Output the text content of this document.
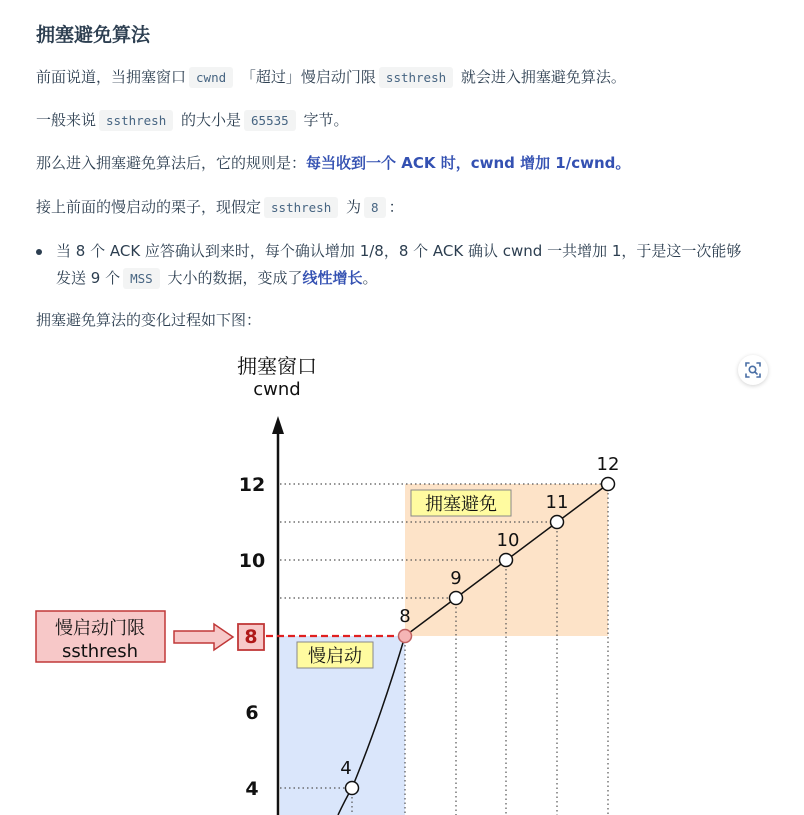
拥塞避免算法

前面说道，当拥塞窗口 cwnd 「超过」慢启动门限 ssthresh 就会进入拥塞避免算法。

一般来说 ssthresh 的大小是 65535 字节。

那么进入拥塞避免算法后，它的规则是：每当收到一个 ACK 时，cwnd 增加 1/cwnd。

接上前面的慢启动的栗子，现假定 ssthresh 为 8 ：

当 8 个 ACK 应答确认到来时，每个确认增加 1/8，8 个 ACK 确认 cwnd 一共增加 1，于是这一次能够
发送 9 个 MSS 大小的数据，变成了线性增长。

拥塞避免算法的变化过程如下图：

拥塞窗口
cwnd
拥塞避免
慢启动
慢启动门限
ssthresh
4
6
8
10
12
4
8
9
10
11
12
